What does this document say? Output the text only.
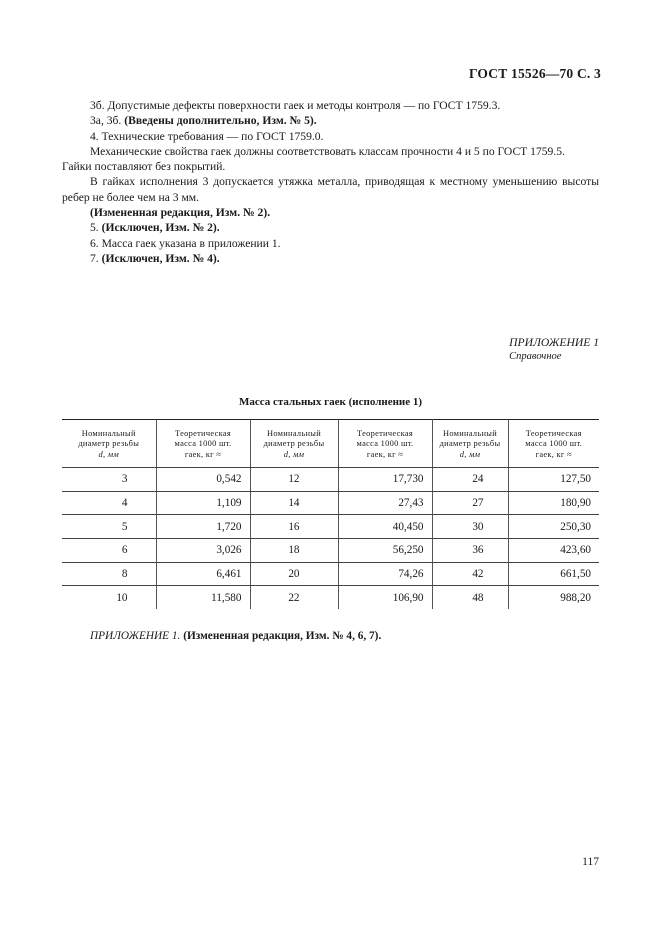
ГОСТ 15526—70 С. 3

3б. Допустимые дефекты поверхности гаек и методы контроля — по ГОСТ 1759.3.

3а, 3б. (Введены дополнительно, Изм. № 5).

4. Технические требования — по ГОСТ 1759.0.

Механические свойства гаек должны соответствовать классам прочности 4 и 5 по ГОСТ 1759.5.

Гайки поставляют без покрытий.

В гайках исполнения 3 допускается утяжка металла, приводящая к местному уменьшению высоты ребер не более чем на 3 мм.

(Измененная редакция, Изм. № 2).

5. (Исключен, Изм. № 2).

6. Масса гаек указана в приложении 1.

7. (Исключен, Изм. № 4).

ПРИЛОЖЕНИЕ 1
Справочное
Масса стальных гаек (исполнение 1)
Номинальный
диаметр резьбы
d, мм	Теоретическая
масса 1000 шт.
гаек, кг ≈	Номинальный
диаметр резьбы
d, мм	Теоретическая
масса 1000 шт.
гаек, кг ≈	Номинальный
диаметр резьбы
d, мм	Теоретическая
масса 1000 шт.
гаек, кг ≈
3	0,542	12	17,730	24	127,50
4	1,109	14	27,43	27	180,90
5	1,720	16	40,450	30	250,30
6	3,026	18	56,250	36	423,60
8	6,461	20	74,26	42	661,50
10	11,580	22	106,90	48	988,20
ПРИЛОЖЕНИЕ 1. (Измененная редакция, Изм. № 4, 6, 7).
117
